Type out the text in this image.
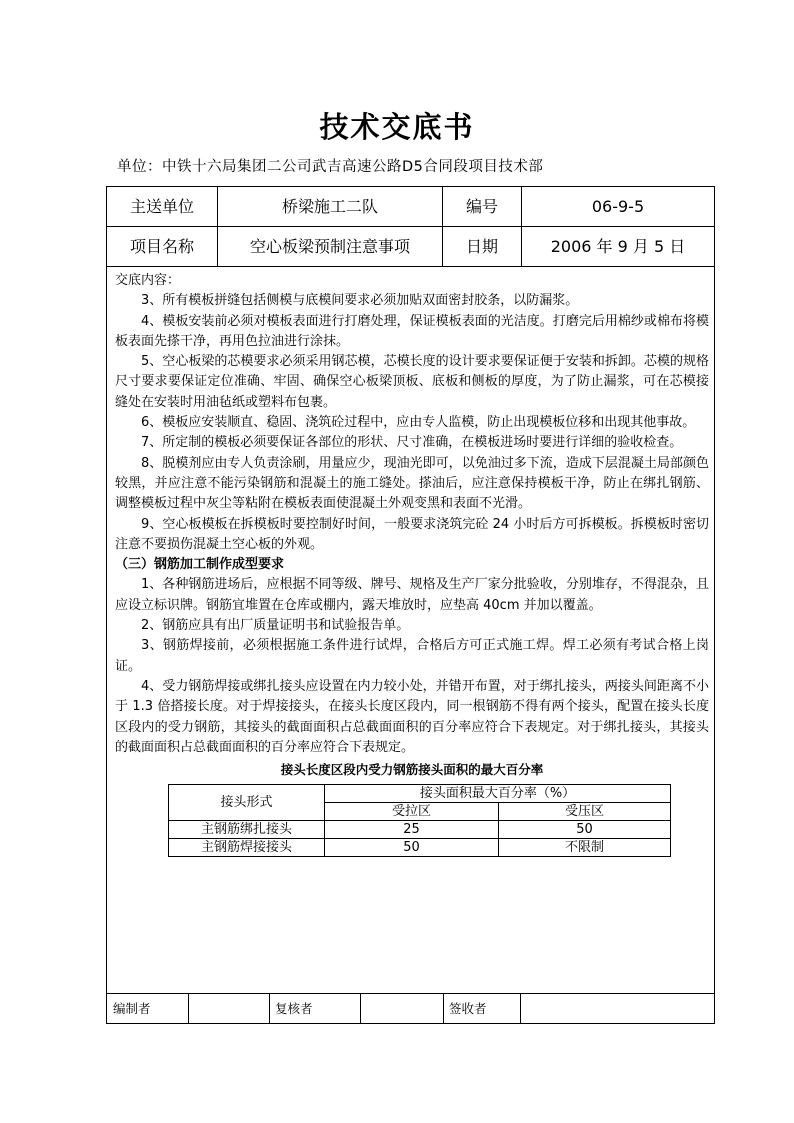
技术交底书
单位：中铁十六局集团二公司武吉高速公路D5合同段项目技术部
主送单位	桥梁施工二队	编号	06-9-5
项目名称	空心板梁预制注意事项	日期	2006 年 9 月 5 日
交底内容：
3、所有模板拼缝包括侧模与底模间要求必须加贴双面密封胶条，以防漏浆。
4、模板安装前必须对模板表面进行打磨处理，保证模板表面的光洁度。打磨完后用棉纱或棉布将模板表面先搽干净，再用色拉油进行涂抹。
5、空心板梁的芯模要求必须采用钢芯模，芯模长度的设计要求要保证便于安装和拆卸。芯模的规格尺寸要求要保证定位准确、牢固、确保空心板梁顶板、底板和侧板的厚度，为了防止漏浆，可在芯模接缝处在安装时用油毡纸或塑料布包裹。
6、模板应安装顺直、稳固、浇筑砼过程中，应由专人监模，防止出现模板位移和出现其他事故。
7、所定制的模板必须要保证各部位的形状、尺寸准确，在模板进场时要进行详细的验收检查。
8、脱模剂应由专人负责涂刷，用量应少，现油光即可，以免油过多下流，造成下层混凝土局部颜色较黑，并应注意不能污染钢筋和混凝土的施工缝处。搽油后，应注意保持模板干净，防止在绑扎钢筋、调整模板过程中灰尘等粘附在模板表面使混凝土外观变黑和表面不光滑。
9、空心板模板在拆模板时要控制好时间，一般要求浇筑完砼 24 小时后方可拆模板。拆模板时密切注意不要损伤混凝土空心板的外观。
（三）钢筋加工制作成型要求
1、各种钢筋进场后，应根据不同等级、牌号、规格及生产厂家分批验收，分别堆存，不得混杂，且应设立标识牌。钢筋宜堆置在仓库或棚内，露天堆放时，应垫高 40cm 并加以覆盖。
2、钢筋应具有出厂质量证明书和试验报告单。
3、钢筋焊接前，必须根据施工条件进行试焊，合格后方可正式施工焊。焊工必须有考试合格上岗证。
4、受力钢筋焊接或绑扎接头应设置在内力较小处，并错开布置，对于绑扎接头，两接头间距离不小于 1.3 倍搭接长度。对于焊接接头，在接头长度区段内，同一根钢筋不得有两个接头，配置在接头长度区段内的受力钢筋，其接头的截面面积占总截面面积的百分率应符合下表规定。对于绑扎接头，其接头的截面面积占总截面面积的百分率应符合下表规定。
接头长度区段内受力钢筋接头面积的最大百分率
接头形式	接头面积最大百分率（%）	
	受拉区	受压区
主钢筋绑扎接头	25	50
主钢筋焊接接头	50	不限制
编制者	复核者	签收者
